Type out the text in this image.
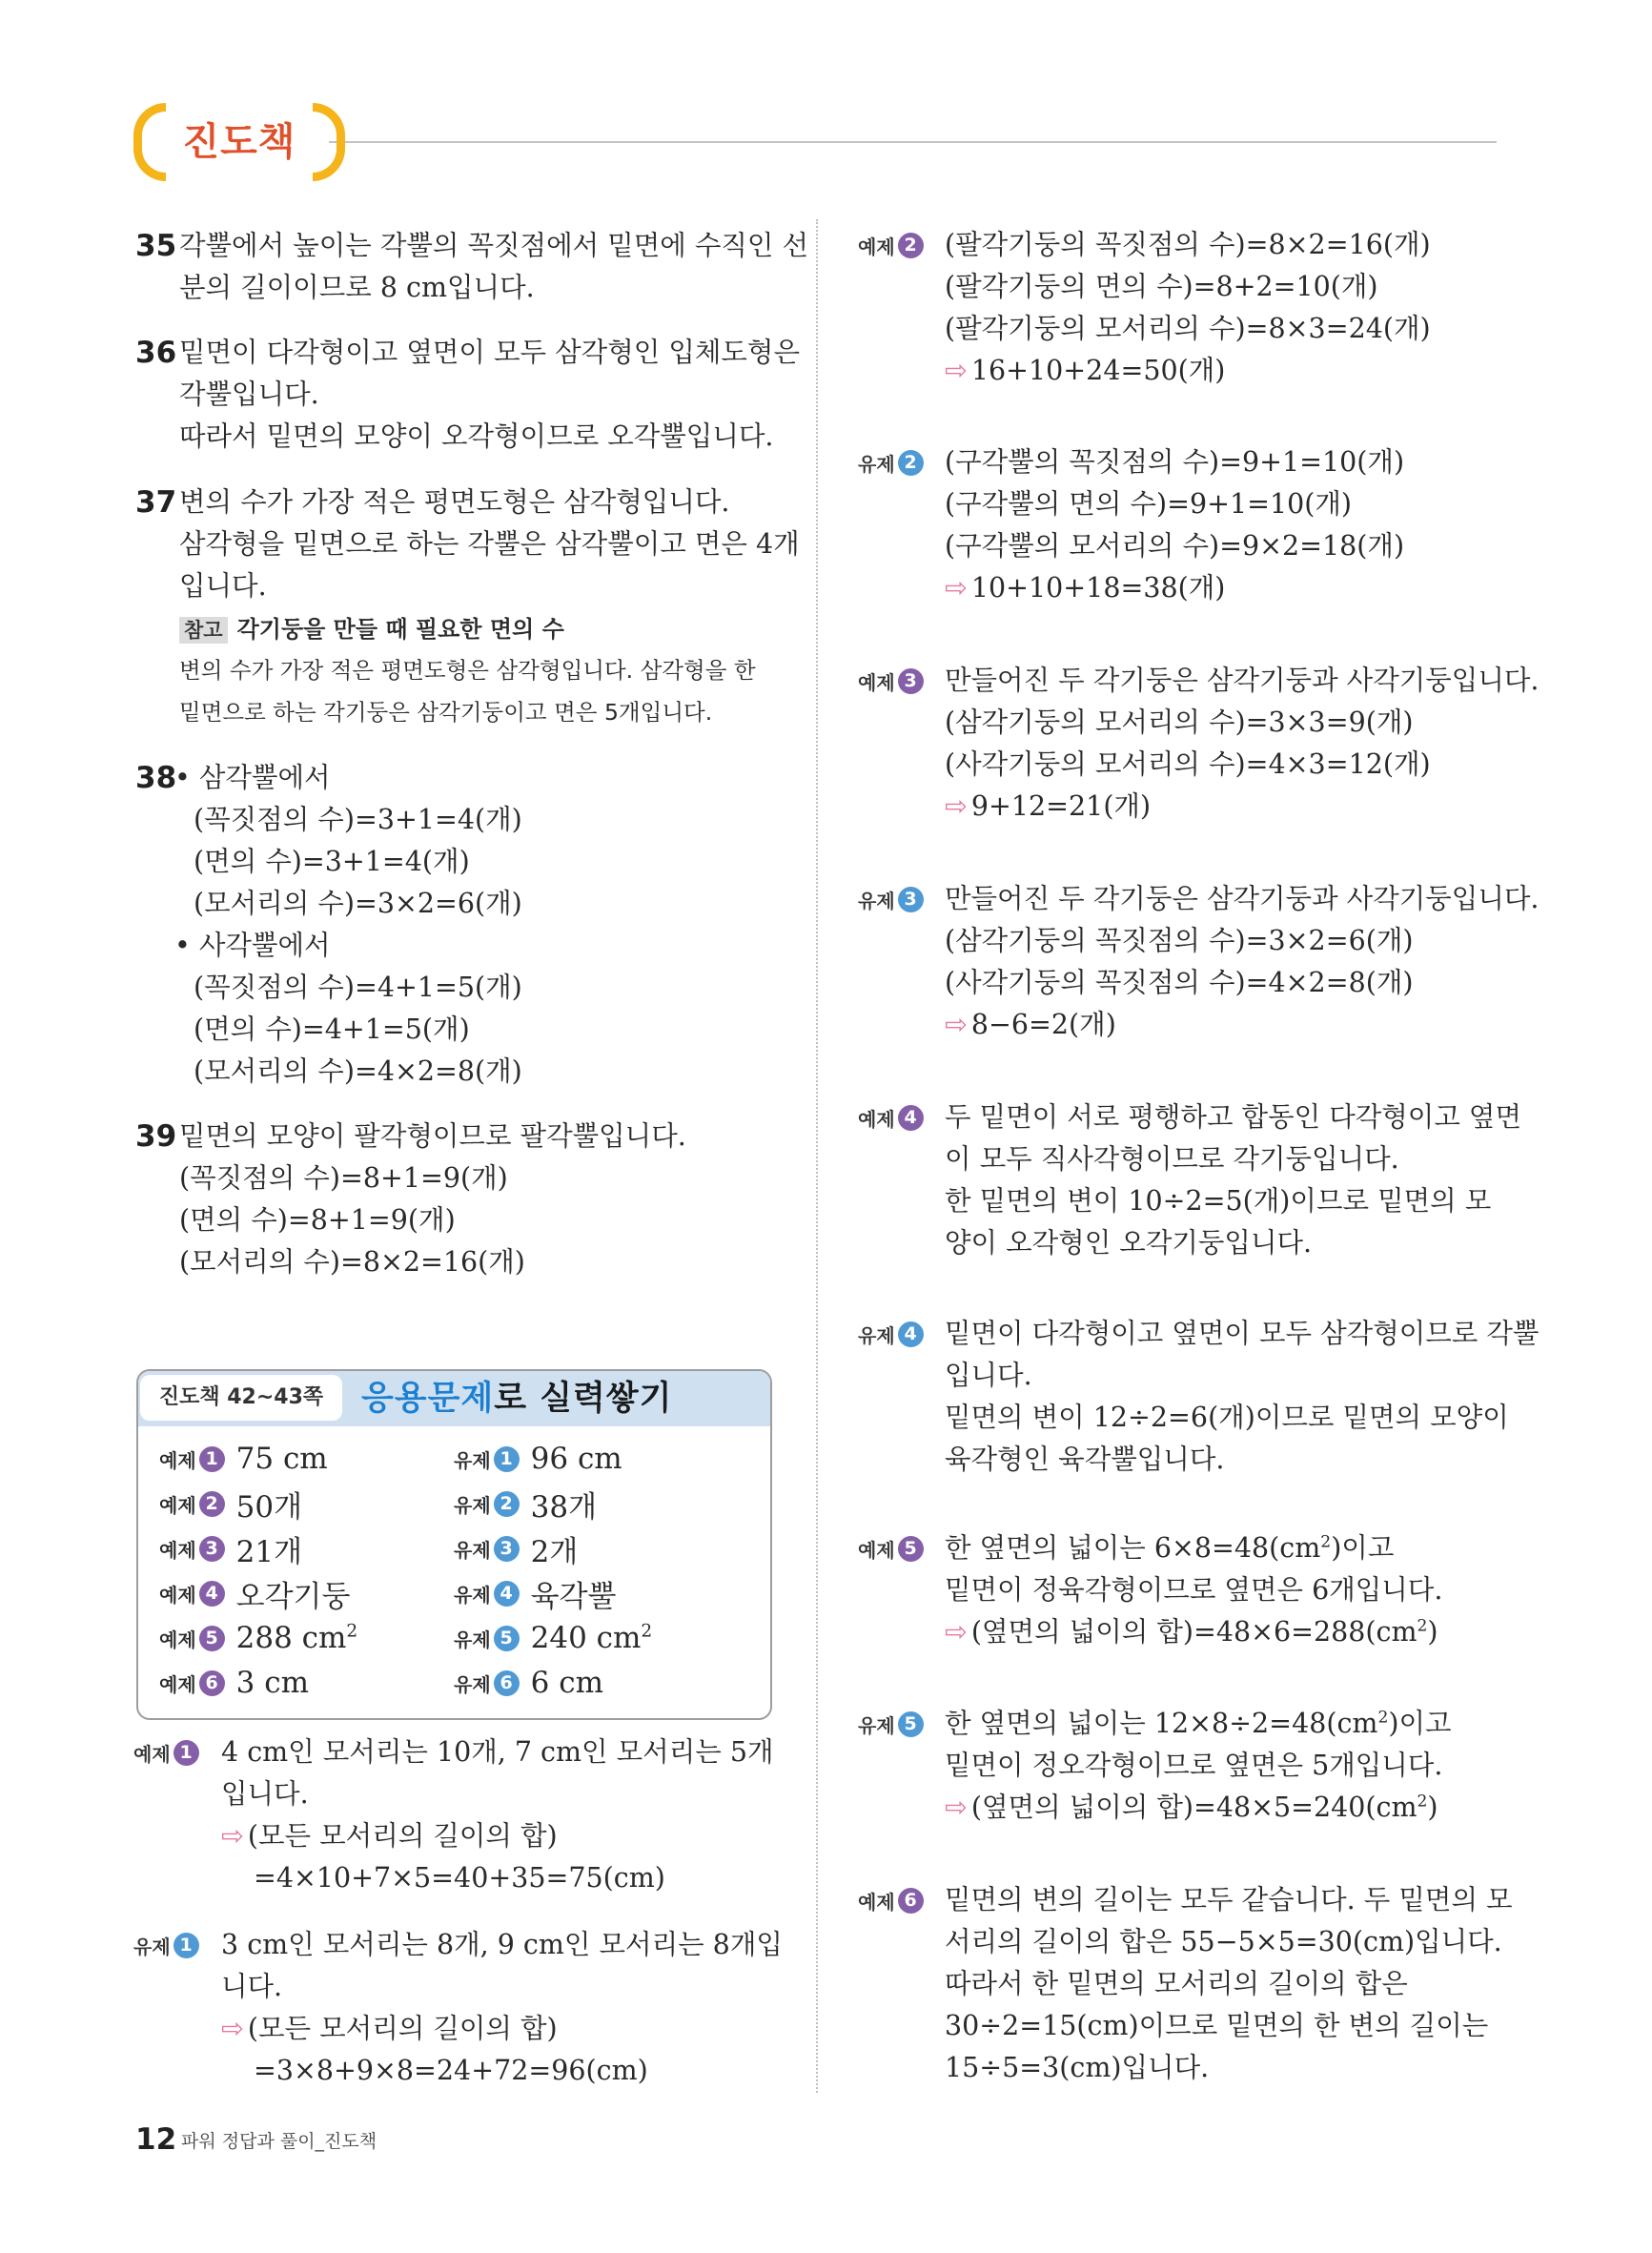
진도책
35 각뿔에서 높이는 각뿔의 꼭짓점에서 밑면에 수직인 선
분의 길이이므로 8 cm입니다.
36 밑면이 다각형이고 옆면이 모두 삼각형인 입체도형은
각뿔입니다.
따라서 밑면의 모양이 오각형이므로 오각뿔입니다.
37 변의 수가 가장 적은 평면도형은 삼각형입니다.
삼각형을 밑면으로 하는 각뿔은 삼각뿔이고 면은 4개
입니다.
참고 각기둥을 만들 때 필요한 면의 수
변의 수가 가장 적은 평면도형은 삼각형입니다. 삼각형을 한
밑면으로 하는 각기둥은 삼각기둥이고 면은 5개입니다.
38
• 삼각뿔에서
(꼭짓점의 수)=3+1=4(개)
(면의 수)=3+1=4(개)
(모서리의 수)=3×2=6(개)
• 사각뿔에서
(꼭짓점의 수)=4+1=5(개)
(면의 수)=4+1=5(개)
(모서리의 수)=4×2=8(개)
39 밑면의 모양이 팔각형이므로 팔각뿔입니다.
(꼭짓점의 수)=8+1=9(개)
(면의 수)=8+1=9(개)
(모서리의 수)=8×2=16(개)
진도책 42~43쪽	응용문제로 실력쌓기
예제 1 75 cm
예제 2 50개
예제 3 21개
예제 4 오각기둥
예제 5 288 $cm^2$
예제 6 3 cm
유제 1 96 cm
유제 2 38개
유제 3 2개
유제 4 육각뿔
유제 5 240 $cm^2$
유제 6 6 cm
예제 1 4 cm인 모서리는 10개, 7 cm인 모서리는 5개
입니다.
⇨ (모든 모서리의 길이의 합)
=4×10+7×5=40+35=75(cm)
유제 1 3 cm인 모서리는 8개, 9 cm인 모서리는 8개입
니다.
⇨ (모든 모서리의 길이의 합)
=3×8+9×8=24+72=96(cm)
예제 2 (팔각기둥의 꼭짓점의 수)=8×2=16(개)
(팔각기둥의 면의 수)=8+2=10(개)
(팔각기둥의 모서리의 수)=8×3=24(개)
⇨ 16+10+24=50(개)
유제 2 (구각뿔의 꼭짓점의 수)=9+1=10(개)
(구각뿔의 면의 수)=9+1=10(개)
(구각뿔의 모서리의 수)=9×2=18(개)
⇨ 10+10+18=38(개)
예제 3 만들어진 두 각기둥은 삼각기둥과 사각기둥입니다.
(삼각기둥의 모서리의 수)=3×3=9(개)
(사각기둥의 모서리의 수)=4×3=12(개)
⇨ 9+12=21(개)
유제 3 만들어진 두 각기둥은 삼각기둥과 사각기둥입니다.
(삼각기둥의 꼭짓점의 수)=3×2=6(개)
(사각기둥의 꼭짓점의 수)=4×2=8(개)
⇨ 8−6=2(개)
예제 4 두 밑면이 서로 평행하고 합동인 다각형이고 옆면
이 모두 직사각형이므로 각기둥입니다.
한 밑면의 변이 10÷2=5(개)이므로 밑면의 모
양이 오각형인 오각기둥입니다.
유제 4 밑면이 다각형이고 옆면이 모두 삼각형이므로 각뿔
입니다.
밑면의 변이 12÷2=6(개)이므로 밑면의 모양이
육각형인 육각뿔입니다.
예제 5 한 옆면의 넓이는 $6\times 8=48(cm^2)$이고
밑면이 정육각형이므로 옆면은 6개입니다.
⇨ (옆면의 넓이의 합)$=48\times 6=288(cm^2)$
유제 5 한 옆면의 넓이는 $12\times 8\div 2=48(cm^2)$이고
밑면이 정오각형이므로 옆면은 5개입니다.
⇨ (옆면의 넓이의 합)$=48\times 5=240(cm^2)$
예제 6 밑면의 변의 길이는 모두 같습니다. 두 밑면의 모
서리의 길이의 합은 55−5×5=30(cm)입니다.
따라서 한 밑면의 모서리의 길이의 합은
30÷2=15(cm)이므로 밑면의 한 변의 길이는
15÷5=3(cm)입니다.
12 파워 정답과 풀이_진도책
